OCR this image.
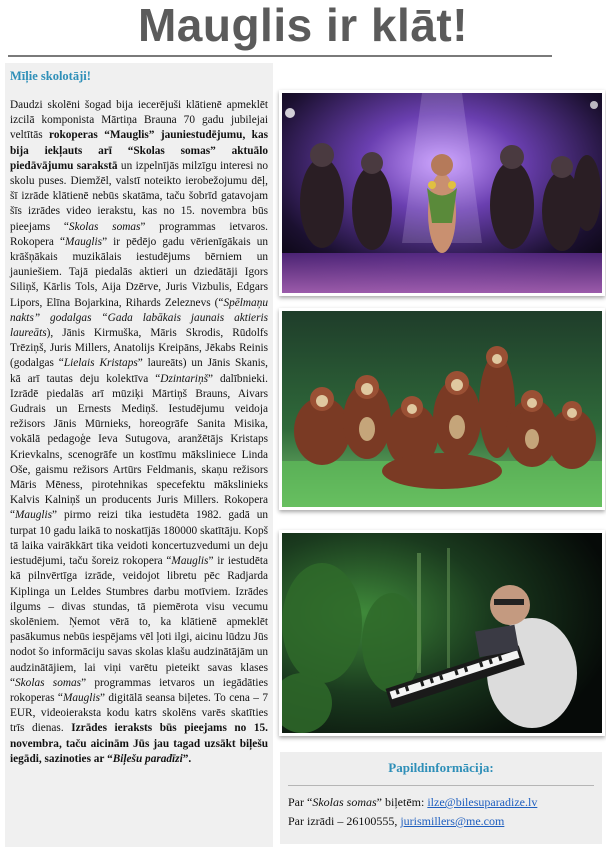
Mauglis ir klāt!
Mīļie skolotāji!
Daudzi skolēni šogad bija iecerējuši klātienē apmeklēt izcilā komponista Mārtiņa Brauna 70 gadu jubilejai veltītās rokoperas “Mauglis” jauniestudējumu, kas bija iekļauts arī “Skolas somas” aktuālo piedāvājumu sarakstā un izpelnījās milzīgu interesi no skolu puses. Diemžēl, valstī noteikto ierobežojumu dēļ, šī izrāde klātienē nebūs skatāma, taču šobrīd gatavojam šīs izrādes video ierakstu, kas no 15. novembra būs pieejams “Skolas somas” programmas ietvaros. Rokopera “Mauglis” ir pēdējo gadu vērienīgākais un krāšņākais muzikālais iestudējums bērniem un jauniešiem. Tajā piedalās aktieri un dziedātāji Igors Siliņš, Kārlis Tols, Aija Dzērve, Juris Vizbulis, Edgars Lipors, Elīna Bojarkina, Rihards Zeleznevs (“Spēlmaņu nakts” godalgas “Gada labākais jaunais aktieris laureāts), Jānis Kirmuška, Māris Skrodis, Rūdolfs Trēziņš, Juris Millers, Anatolijs Kreipāns, Jēkabs Reinis (godalgas “Lielais Kristaps” laureāts) un Jānis Skanis, kā arī tautas deju kolektīva “Dzintariņš” dalībnieki. Izrādē piedalās arī mūziķi Mārtiņš Brauns, Aivars Gudrais un Ernests Mediņš. Iestudējumu veidoja režisors Jānis Mūrnieks, horeogrāfe Sanita Misika, vokālā pedagoģe Ieva Sutugova, aranžētājs Kristaps Krievkalns, scenogrāfe un kostīmu māksliniece Linda Oše, gaismu režisors Artūrs Feldmanis, skaņu režisors Māris Mēness, pirotehnikas specefektu mākslinieks Kalvis Kalniņš un producents Juris Millers. Rokopera “Mauglis” pirmo reizi tika iestudēta 1982. gadā un turpat 10 gadu laikā to noskatījās 180000 skatītāju. Kopš tā laika vairākkārt tika veidoti koncertuzvedumi un deju iestudējumi, taču šoreiz rokopera “Mauglis” ir iestudēta kā pilnvērtīga izrāde, veidojot libretu pēc Radjarda Kiplinga un Leldes Stumbres darbu motīviem. Izrādes ilgums – divas stundas, tā piemērota visu vecumu skolēniem. Ņemot vērā to, ka klātienē apmeklēt pasākumus nebūs iespējams vēl ļoti ilgi, aicinu lūdzu Jūs nodot šo informāciju savas skolas klašu audzinātājām un audzinātājiem, lai viņi varētu pieteikt savas klases “Skolas somas” programmas ietvaros un iegādāties rokoperas “Mauglis” digitālā seansa biļetes. To cena – 7 EUR, videoieraksta kodu katrs skolēns varēs skatīties trīs dienas. Izrādes ieraksts būs pieejams no 15. novembra, taču aicinām Jūs jau tagad uzsākt biļešu iegādi, sazinoties ar “Biļešu paradīzi”.
Papildinformācija:
Par “Skolas somas” biļetēm: ilze@bilesuparadize.lv
Par izrādi – 26100555, jurismillers@me.com
